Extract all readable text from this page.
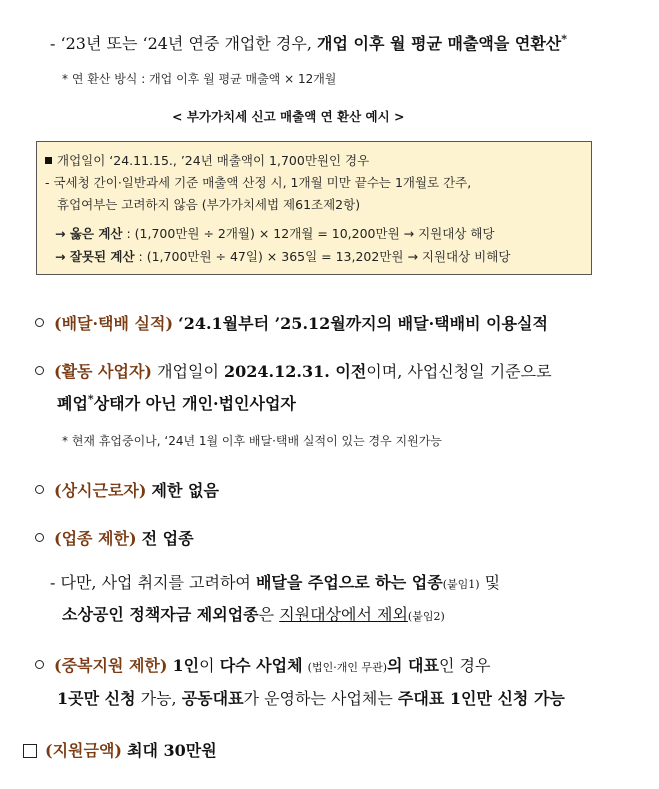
- ‘23년 또는 ‘24년 연중 개업한 경우, 개업 이후 월 평균 매출액을 연환산*
* 연 환산 방식 : 개업 이후 월 평균 매출액 × 12개월
< 부가가치세 신고 매출액 연 환산 예시 >
개업일이 ‘24.11.15., ’24년 매출액이 1,700만원인 경우
- 국세청 간이·일반과세 기준 매출액 산정 시, 1개월 미만 끝수는 1개월로 간주,
휴업여부는 고려하지 않음 (부가가치세법 제61조제2항)
→ 옳은 계산 : (1,700만원 ÷ 2개월) × 12개월 = 10,200만원 → 지원대상 해당
→ 잘못된 계산 : (1,700만원 ÷ 47일) × 365일 = 13,202만원 → 지원대상 비해당
(배달·택배 실적) ‘24.1월부터 ’25.12월까지의 배달·택배비 이용실적
(활동 사업자) 개업일이 2024.12.31. 이전이며, 사업신청일 기준으로
폐업*상태가 아닌 개인·법인사업자
* 현재 휴업중이나, ‘24년 1월 이후 배달·택배 실적이 있는 경우 지원가능
(상시근로자) 제한 없음
(업종 제한) 전 업종
- 다만, 사업 취지를 고려하여 배달을 주업으로 하는 업종(붙임1) 및
소상공인 정책자금 제외업종은 지원대상에서 제외(붙임2)
(중복지원 제한) 1인이 다수 사업체 (법인·개인 무관)의 대표인 경우
1곳만 신청 가능, 공동대표가 운영하는 사업체는 주대표 1인만 신청 가능
(지원금액) 최대 30만원
